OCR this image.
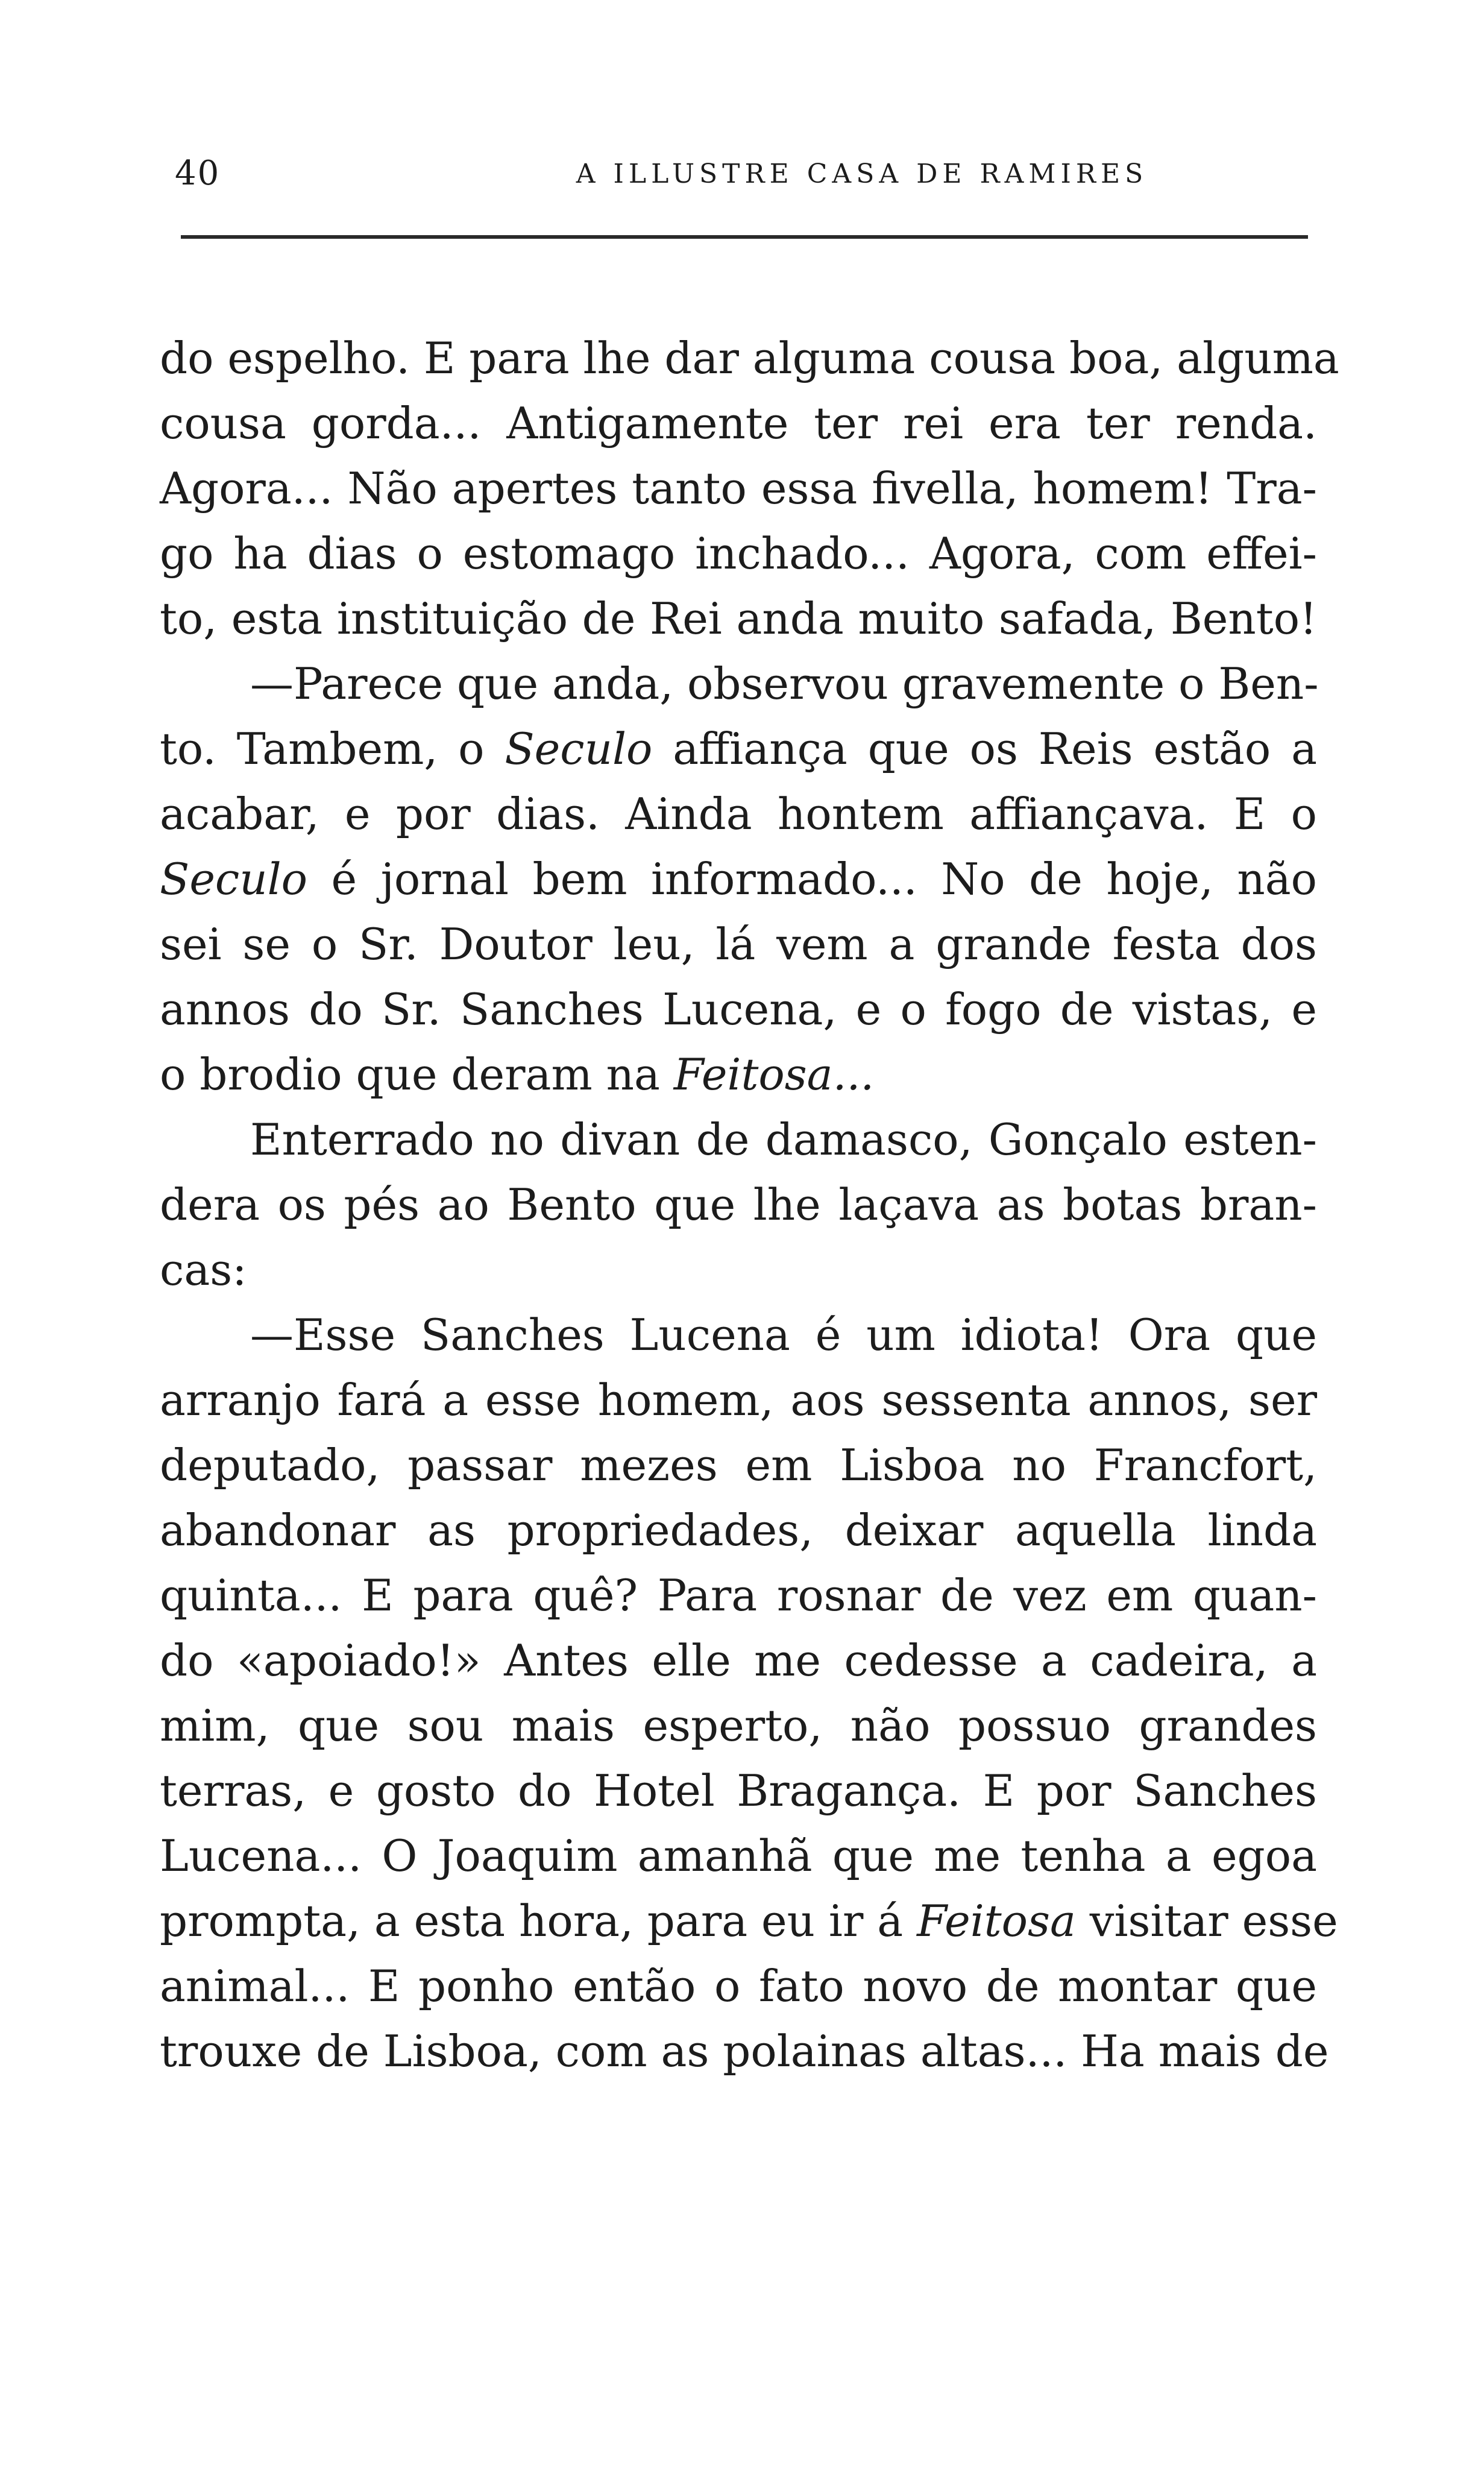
40	A ILLUSTRE CASA DE RAMIRES
do espelho. E para lhe dar alguma cousa boa, alguma
cousa gorda... Antigamente ter rei era ter renda.
Agora... Não apertes tanto essa fivella, homem! Tra-
go ha dias o estomago inchado... Agora, com effei-
to, esta instituição de Rei anda muito safada, Bento!
—Parece que anda, observou gravemente o Ben-
to. Tambem, o Seculo affiança que os Reis estão a
acabar, e por dias. Ainda hontem affiançava. E o
Seculo é jornal bem informado... No de hoje, não
sei se o Sr. Doutor leu, lá vem a grande festa dos
annos do Sr. Sanches Lucena, e o fogo de vistas, e
o brodio que deram na Feitosa...
Enterrado no divan de damasco, Gonçalo esten-
dera os pés ao Bento que lhe laçava as botas bran-
cas:
—Esse Sanches Lucena é um idiota! Ora que
arranjo fará a esse homem, aos sessenta annos, ser
deputado, passar mezes em Lisboa no Francfort,
abandonar as propriedades, deixar aquella linda
quinta... E para quê? Para rosnar de vez em quan-
do «apoiado!» Antes elle me cedesse a cadeira, a
mim, que sou mais esperto, não possuo grandes
terras, e gosto do Hotel Bragança. E por Sanches
Lucena... O Joaquim amanhã que me tenha a egoa
prompta, a esta hora, para eu ir á Feitosa visitar esse
animal... E ponho então o fato novo de montar que
trouxe de Lisboa, com as polainas altas... Ha mais de
